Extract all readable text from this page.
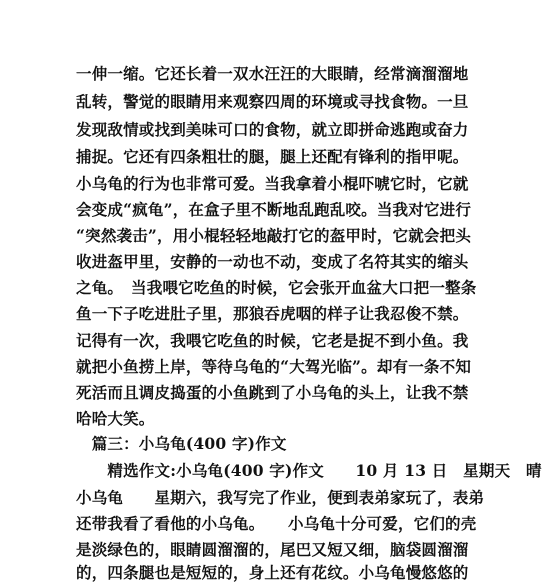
一伸一缩。它还长着一双水汪汪的大眼睛，经常滴溜溜地
乱转，警觉的眼睛用来观察四周的环境或寻找食物。一旦
发现敌情或找到美味可口的食物，就立即拼命逃跑或奋力
捕捉。它还有四条粗壮的腿，腿上还配有锋利的指甲呢。
小乌龟的行为也非常可爱。当我拿着小棍吓唬它时，它就
会变成“疯龟”，在盒子里不断地乱跑乱咬。当我对它进行
“突然袭击”，用小棍轻轻地敲打它的盔甲时，它就会把头
收进盔甲里，安静的一动也不动，变成了名符其实的缩头
之龟。　当我喂它吃鱼的时候，它会张开血盆大口把一整条
鱼一下子吃进肚子里，那狼吞虎咽的样子让我忍俊不禁。
记得有一次，我喂它吃鱼的时候，它老是捉不到小鱼。我
就把小鱼捞上岸，等待乌龟的“大驾光临”。却有一条不知
死活而且调皮捣蛋的小鱼跳到了小乌龟的头上，让我不禁
哈哈大笑。
　篇三：小乌龟(400 字)作文
　　精选作文:小乌龟(400 字)作文　　10 月 13 日　星期天　晴
小乌龟　　星期六，我写完了作业，便到表弟家玩了，表弟
还带我看了看他的小乌龟。　　小乌龟十分可爱，它们的壳
是淡绿色的，眼睛圆溜溜的，尾巴又短又细，脑袋圆溜溜
的，四条腿也是短短的，身上还有花纹。小乌龟慢悠悠的
